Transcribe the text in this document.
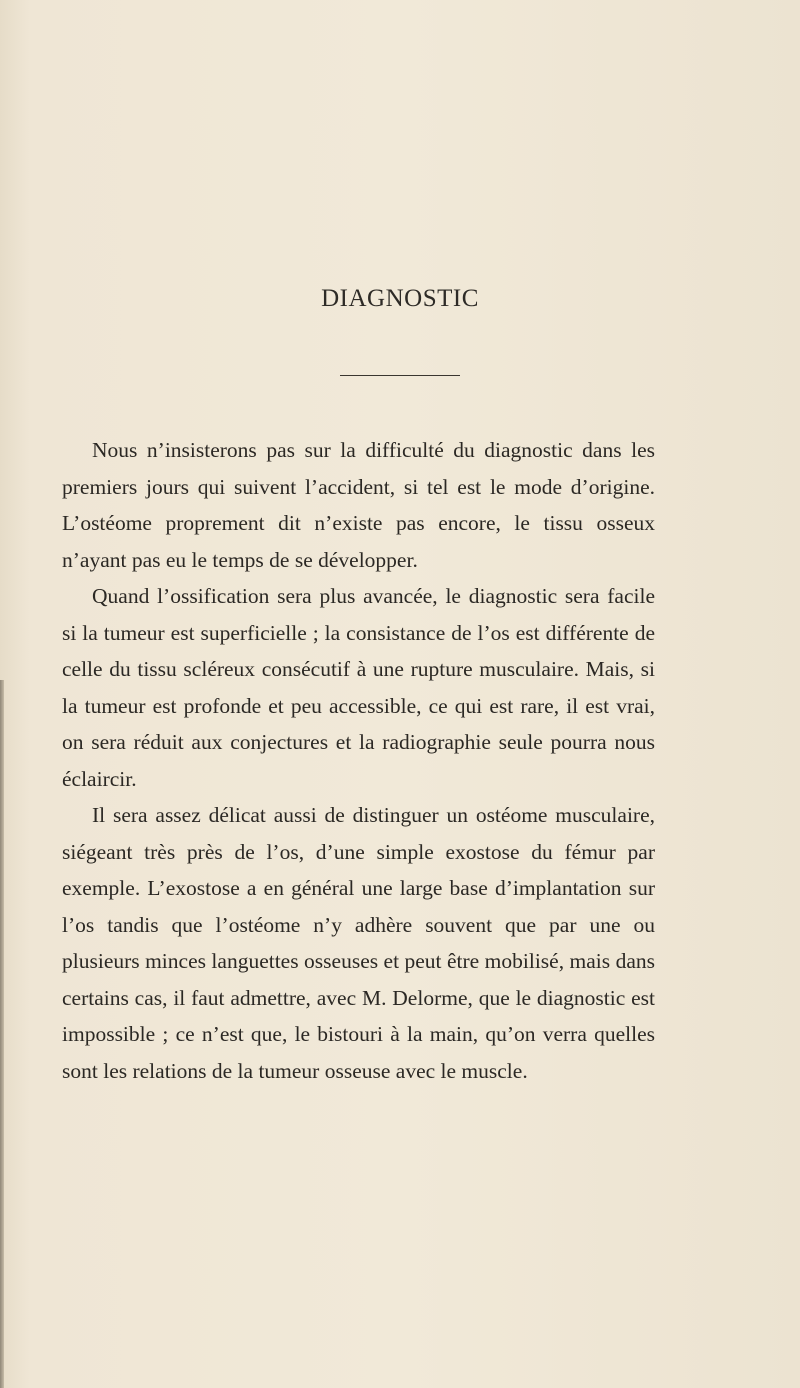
DIAGNOSTIC

Nous n’insisterons pas sur la difficulté du diagnostic dans les premiers jours qui suivent l’accident, si tel est le mode d’origine. L’ostéome proprement dit n’existe pas encore, le tissu osseux n’ayant pas eu le temps de se développer.

Quand l’ossification sera plus avancée, le diagnostic sera facile si la tumeur est superficielle ; la consistance de l’os est différente de celle du tissu scléreux consécutif à une rupture musculaire. Mais, si la tumeur est profonde et peu accessible, ce qui est rare, il est vrai, on sera réduit aux conjectures et la radiographie seule pourra nous éclaircir.

Il sera assez délicat aussi de distinguer un ostéome musculaire, siégeant très près de l’os, d’une simple exostose du fémur par exemple. L’exostose a en général une large base d’implantation sur l’os tandis que l’ostéome n’y adhère souvent que par une ou plusieurs minces languettes osseuses et peut être mobilisé, mais dans certains cas, il faut admettre, avec M. Delorme, que le diagnostic est impossible ; ce n’est que, le bistouri à la main, qu’on verra quelles sont les relations de la tumeur osseuse avec le muscle.
